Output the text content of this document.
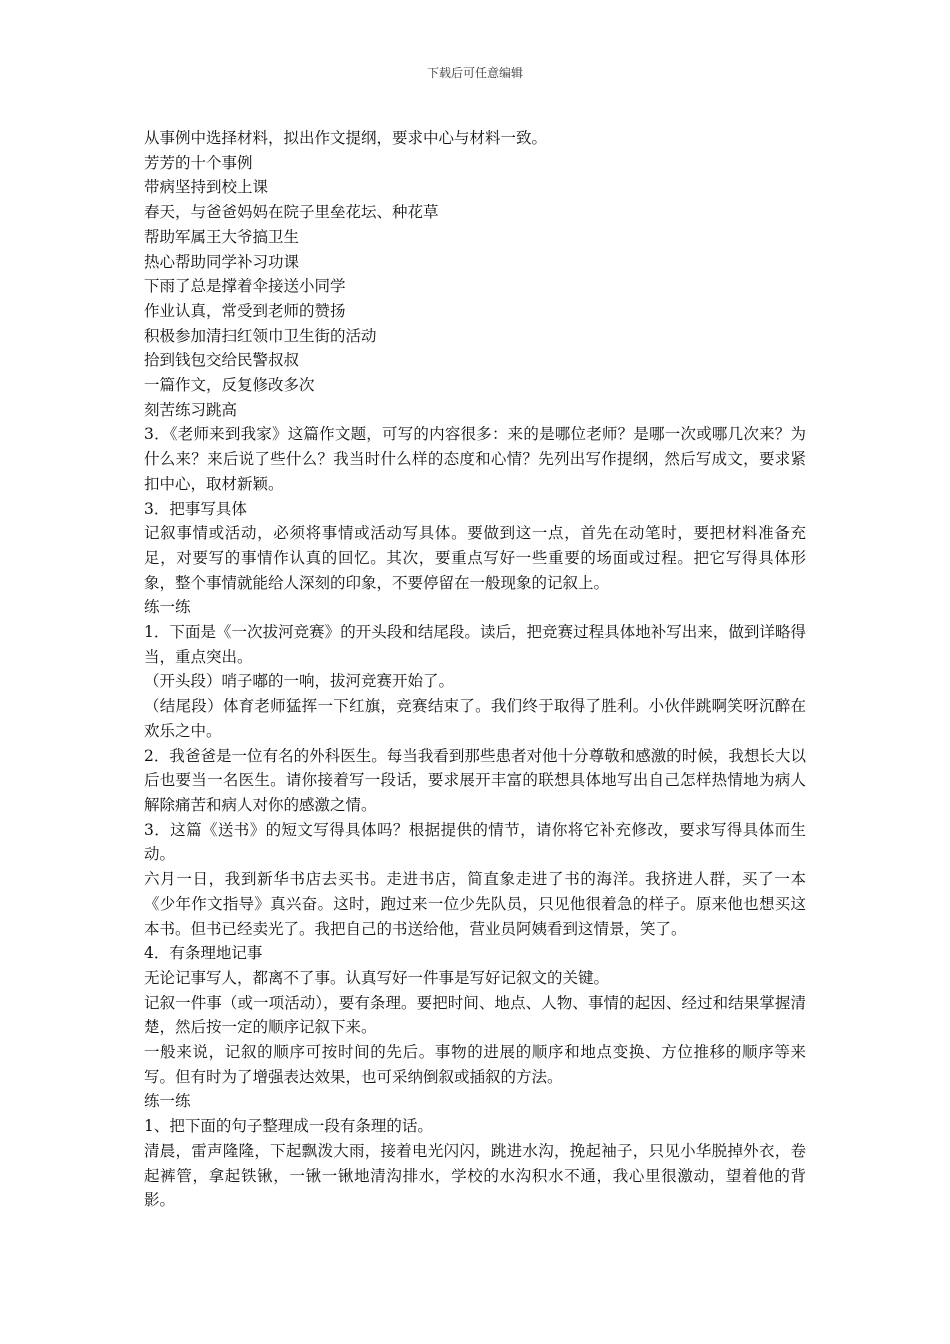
下载后可任意编辑

从事例中选择材料，拟出作文提纲，要求中心与材料一致。

芳芳的十个事例

带病坚持到校上课

春天，与爸爸妈妈在院子里垒花坛、种花草

帮助军属王大爷搞卫生

热心帮助同学补习功课

下雨了总是撑着伞接送小同学

作业认真，常受到老师的赞扬

积极参加清扫红领巾卫生街的活动

拾到钱包交给民警叔叔

一篇作文，反复修改多次

刻苦练习跳高

3．《老师来到我家》这篇作文题，可写的内容很多：来的是哪位老师？是哪一次或哪几次来？为什么来？来后说了些什么？我当时什么样的态度和心情？先列出写作提纲，然后写成文，要求紧扣中心，取材新颖。

3．把事写具体

记叙事情或活动，必须将事情或活动写具体。要做到这一点，首先在动笔时，要把材料准备充足，对要写的事情作认真的回忆。其次，要重点写好一些重要的场面或过程。把它写得具体形象，整个事情就能给人深刻的印象，不要停留在一般现象的记叙上。

练一练

1．下面是《一次拔河竞赛》的开头段和结尾段。读后，把竞赛过程具体地补写出来，做到详略得当，重点突出。

（开头段）哨子嘟的一响，拔河竞赛开始了。

（结尾段）体育老师猛挥一下红旗，竞赛结束了。我们终于取得了胜利。小伙伴跳啊笑呀沉醉在欢乐之中。

2．我爸爸是一位有名的外科医生。每当我看到那些患者对他十分尊敬和感激的时候，我想长大以后也要当一名医生。请你接着写一段话，要求展开丰富的联想具体地写出自己怎样热情地为病人解除痛苦和病人对你的感激之情。

3．这篇《送书》的短文写得具体吗？根据提供的情节，请你将它补充修改，要求写得具体而生动。

六月一日，我到新华书店去买书。走进书店，简直象走进了书的海洋。我挤进人群，买了一本《少年作文指导》真兴奋。这时，跑过来一位少先队员，只见他很着急的样子。原来他也想买这本书。但书已经卖光了。我把自己的书送给他，营业员阿姨看到这情景，笑了。

4．有条理地记事

无论记事写人，都离不了事。认真写好一件事是写好记叙文的关键。

记叙一件事（或一项活动），要有条理。要把时间、地点、人物、事情的起因、经过和结果掌握清楚，然后按一定的顺序记叙下来。

一般来说，记叙的顺序可按时间的先后。事物的进展的顺序和地点变换、方位推移的顺序等来写。但有时为了增强表达效果，也可采纳倒叙或插叙的方法。

练一练

1、把下面的句子整理成一段有条理的话。

清晨，雷声隆隆，下起飘泼大雨，接着电光闪闪，跳进水沟，挽起袖子，只见小华脱掉外衣，卷起裤管，拿起铁锹，一锹一锹地清沟排水，学校的水沟积水不通，我心里很激动，望着他的背影。
